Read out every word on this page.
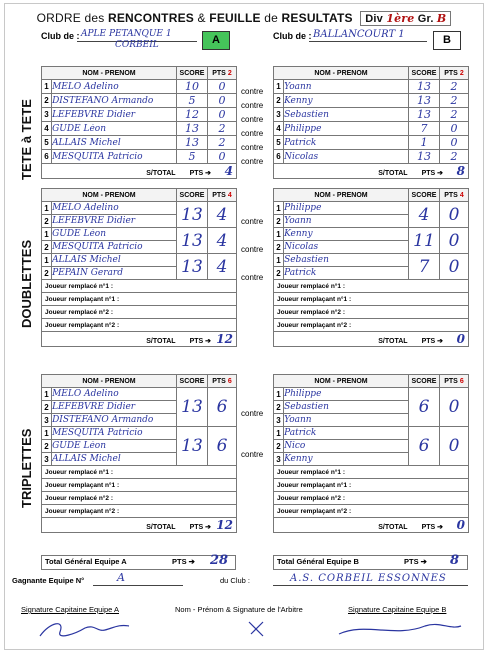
ORDRE des RENCONTRES & FEUILLE de RESULTATS Div 1ère Gr. B
Club de : APLE PETANQUE 1
CORBEIL	A	Club de : BALLANCOURT 1	B
TETE à TETE
DOUBLETTES
TRIPLETTES
NOM - PRENOM		SCORE	PTS 2
1	MELO Adelino	10	0
2	DISTEFANO Armando	5	0
3	LEFEBVRE Didier	12	0
4	GUDE Léon	13	2
5	ALLAIS Michel	13	2
6	MESQUITA Patricio	5	0
S/TOTAL PTS ➔ 4			
NOM - PRENOM		SCORE	PTS 2
1	Yoann	13	2
2	Kenny	13	2
3	Sebastien	13	2
4	Philippe	7	0
5	Patrick	1	0
6	Nicolas	13	2
S/TOTAL PTS ➔ 8			
NOM - PRENOM		SCORE	PTS 4
1	MELO Adelino	13	4
2	LEFEBVRE Didier		

1	GUDE Léon	13	4
2	MESQUITA Patricio		

1	ALLAIS Michel	13	4
2	PEPAIN Gerard		

Joueur remplacé n°1 :			
Joueur remplaçant n°1 :			
Joueur remplacé n°2 :			
Joueur remplaçant n°2 :			
S/TOTAL PTS ➔ 12			
NOM - PRENOM		SCORE	PTS 4
1	Philippe	4	0
2	Yoann		

1	Kenny	11	0
2	Nicolas		

1	Sebastien	7	0
2	Patrick		

Joueur remplacé n°1 :			
Joueur remplaçant n°1 :			
Joueur remplacé n°2 :			
Joueur remplaçant n°2 :			
S/TOTAL PTS ➔ 0			
NOM - PRENOM		SCORE	PTS 6
1	MELO Adelino	13	6
2	LEFEBVRE Didier		

3	DISTEFANO Armando		

1	MESQUITA Patricio	13	6
2	GUDE Léon		

3	ALLAIS Michel		

Joueur remplacé n°1 :			
Joueur remplaçant n°1 :			
Joueur remplacé n°2 :			
Joueur remplaçant n°2 :			
S/TOTAL PTS ➔ 12			
NOM - PRENOM		SCORE	PTS 6
1	Philippe	6	0
2	Sebastien		

3	Yoann		

1	Patrick	6	0
2	Nico		

3	Kenny		

Joueur remplacé n°1 :			
Joueur remplaçant n°1 :			
Joueur remplacé n°2 :			
Joueur remplaçant n°2 :			
S/TOTAL PTS ➔ 0			
contre
contre
contre
contre
contre
contre
contre
contre
contre
contre
contre
Total Général Equipe A	PTS ➔ 28	Total Général Equipe B	PTS ➔ 8
Gagnante Equipe N°	A	du Club :	A.S. CORBEIL ESSONNES
Signature Capitaine Equipe A	Nom - Prénom & Signature de l'Arbitre	Signature Capitaine Equipe B
